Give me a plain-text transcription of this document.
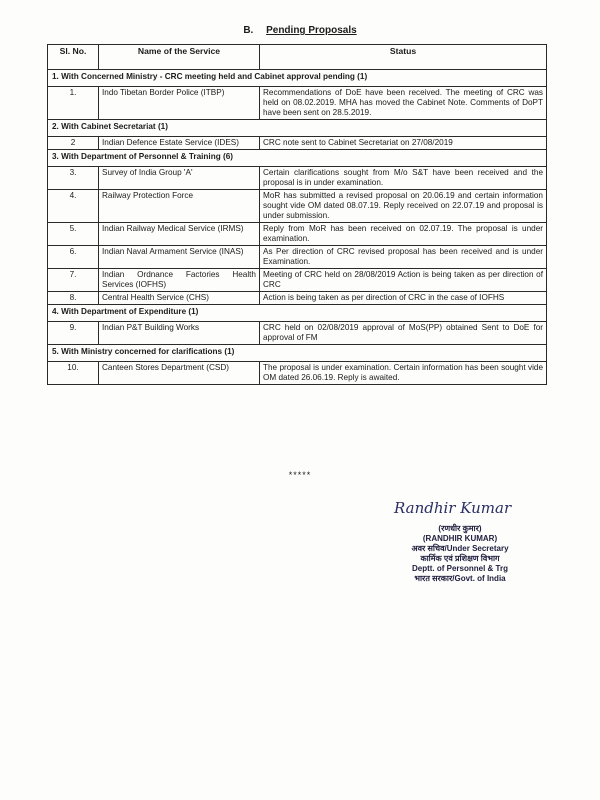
B. Pending Proposals
Sl. No.	Name of the Service	Status
1. With Concerned Ministry - CRC meeting held and Cabinet approval pending (1)		
1.	Indo Tibetan Border Police (ITBP)	Recommendations of DoE have been received. The meeting of CRC was held on 08.02.2019. MHA has moved the Cabinet Note. Comments of DoPT have been sent on 28.5.2019.
2. With Cabinet Secretariat (1)		
2	Indian Defence Estate Service (IDES)	CRC note sent to Cabinet Secretariat on 27/08/2019
3. With Department of Personnel & Training (6)		
3.	Survey of India Group 'A'	Certain clarifications sought from M/o S&T have been received and the proposal is in under examination.
4.	Railway Protection Force	MoR has submitted a revised proposal on 20.06.19 and certain information sought vide OM dated 08.07.19. Reply received on 22.07.19 and proposal is under submission.
5.	Indian Railway Medical Service (IRMS)	Reply from MoR has been received on 02.07.19. The proposal is under examination.
6.	Indian Naval Armament Service (INAS)	As Per direction of CRC revised proposal has been received and is under Examination.
7.	Indian Ordnance Factories Health Services (IOFHS)	Meeting of CRC held on 28/08/2019 Action is being taken as per direction of CRC
8.	Central Health Service (CHS)	Action is being taken as per direction of CRC in the case of IOFHS
4. With Department of Expenditure (1)		
9.	Indian P&T Building Works	CRC held on 02/08/2019 approval of MoS(PP) obtained Sent to DoE for approval of FM
5. With Ministry concerned for clarifications (1)		
10.	Canteen Stores Department (CSD)	The proposal is under examination. Certain information has been sought vide OM dated 26.06.19. Reply is awaited.
*****
Randhir Kumar
(रणधीर कुमार)
(RANDHIR KUMAR)
अवर सचिव/Under Secretary
कार्मिक एवं प्रशिक्षण विभाग
Deptt. of Personnel & Trg
भारत सरकार/Govt. of India
